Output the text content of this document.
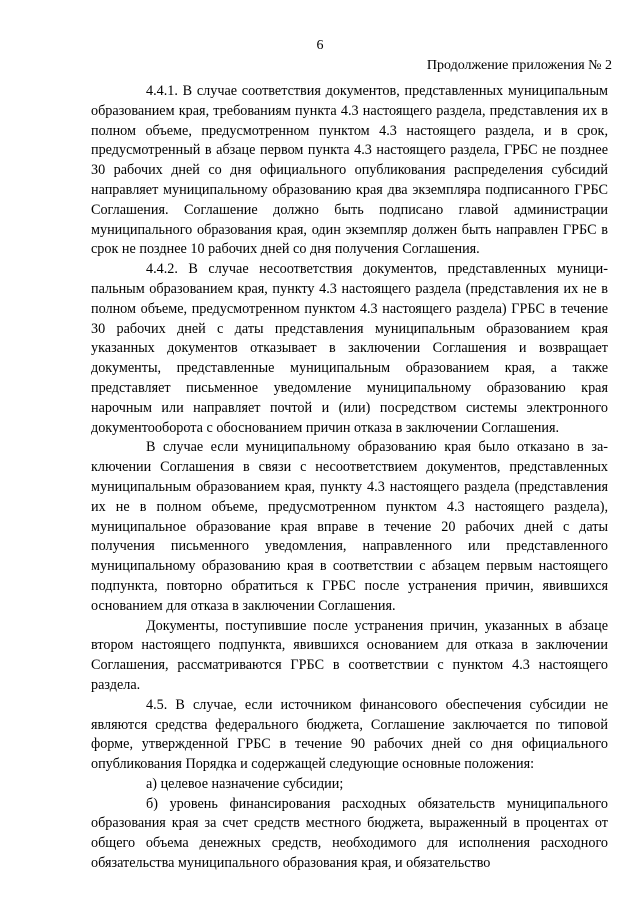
6
Продолжение приложения № 2

4.4.1. В случае соответствия документов, представленных муниципальным образованием края, требованиям пункта 4.3 настоящего раздела, представления их в полном объеме, предусмотренном пунктом 4.3 настоящего раздела, и в срок, предусмотренный в абзаце первом пункта 4.3 настоящего раздела, ГРБС не позднее 30 рабочих дней со дня официального опубликования распределения субсидий направляет муниципальному образованию края два экземпляра подписанного ГРБС Соглашения. Соглашение должно быть подписано главой администрации муниципального образования края, один экземпляр должен быть направлен ГРБС в срок не позднее 10 рабочих дней со дня получения Соглашения.

4.4.2. В случае несоответствия документов, представленных муниципальным образованием края, пункту 4.3 настоящего раздела (представления их не в полном объеме, предусмотренном пунктом 4.3 настоящего раздела) ГРБС в течение 30 рабочих дней с даты представления муниципальным образованием края указанных документов отказывает в заключении Соглашения и возвращает документы, представленные муниципальным образованием края, а также представляет письменное уведомление муниципальному образованию края нарочным или направляет почтой и (или) посредством системы электронного документооборота с обоснованием причин отказа в заключении Соглашения.

В случае если муниципальному образованию края было отказано в заключении Соглашения в связи с несоответствием документов, представленных муниципальным образованием края, пункту 4.3 настоящего раздела (представления их не в полном объеме, предусмотренном пунктом 4.3 настоящего раздела), муниципальное образование края вправе в течение 20 рабочих дней с даты получения письменного уведомления, направленного или представленного муниципальному образованию края в соответствии с абзацем первым настоящего подпункта, повторно обратиться к ГРБС после устранения причин, явившихся основанием для отказа в заключении Соглашения.

Документы, поступившие после устранения причин, указанных в абзаце втором настоящего подпункта, явившихся основанием для отказа в заключении Соглашения, рассматриваются ГРБС в соответствии с пунктом 4.3 настоящего раздела.

4.5. В случае, если источником финансового обеспечения субсидии не являются средства федерального бюджета, Соглашение заключается по типовой форме, утвержденной ГРБС в течение 90 рабочих дней со дня официального опубликования Порядка и содержащей следующие основные положения:

а) целевое назначение субсидии;

б) уровень финансирования расходных обязательств муниципального образования края за счет средств местного бюджета, выраженный в процентах от общего объема денежных средств, необходимого для исполнения расходного обязательства муниципального образования края, и обязательство
